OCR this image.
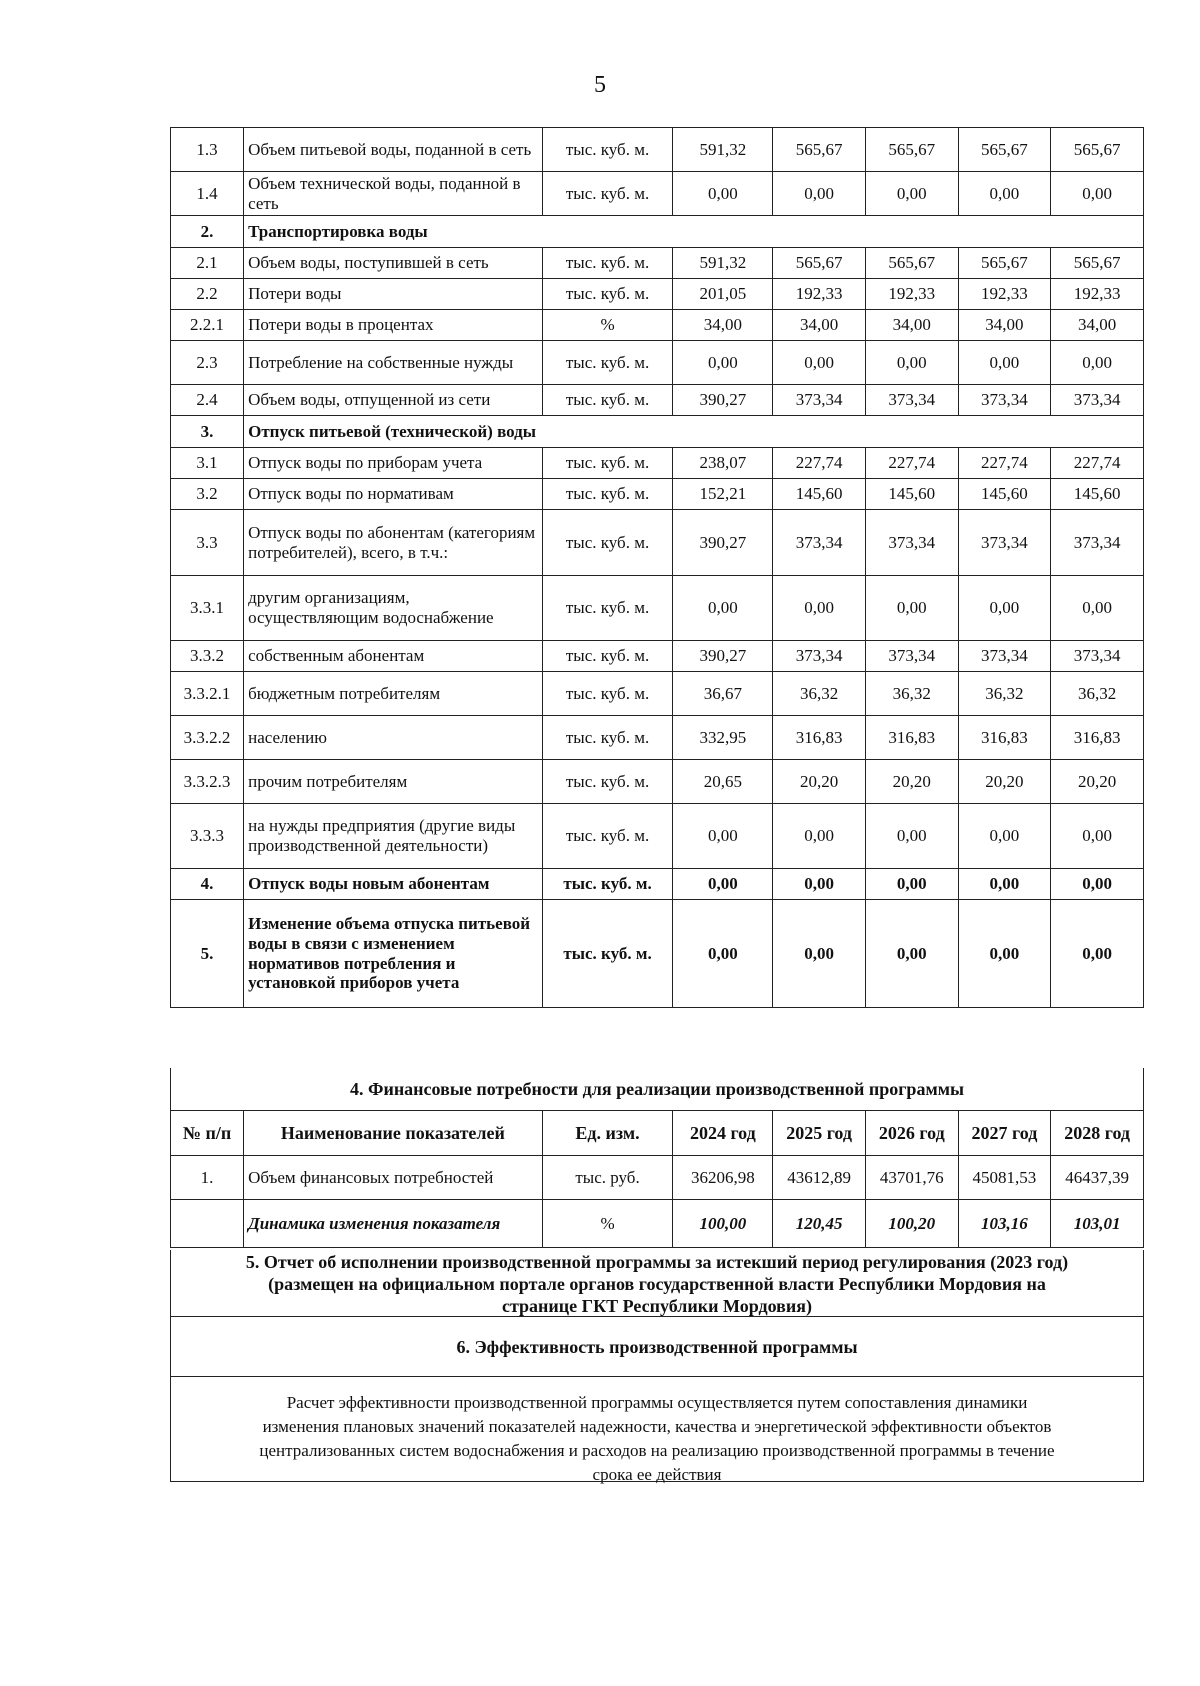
5
1.3	Объем питьевой воды, поданной в сеть	тыс. куб. м.	591,32	565,67	565,67	565,67	565,67
1.4	Объем технической воды, поданной в сеть	тыс. куб. м.	0,00	0,00	0,00	0,00	0,00
2.	Транспортировка воды						
2.1	Объем воды, поступившей в сеть	тыс. куб. м.	591,32	565,67	565,67	565,67	565,67
2.2	Потери воды	тыс. куб. м.	201,05	192,33	192,33	192,33	192,33
2.2.1	Потери воды в процентах	%	34,00	34,00	34,00	34,00	34,00
2.3	Потребление на собственные нужды	тыс. куб. м.	0,00	0,00	0,00	0,00	0,00
2.4	Объем воды, отпущенной из сети	тыс. куб. м.	390,27	373,34	373,34	373,34	373,34
3.	Отпуск питьевой (технической) воды						
3.1	Отпуск воды по приборам учета	тыс. куб. м.	238,07	227,74	227,74	227,74	227,74
3.2	Отпуск воды по нормативам	тыс. куб. м.	152,21	145,60	145,60	145,60	145,60
3.3	Отпуск воды по абонентам (категориям потребителей), всего, в т.ч.:	тыс. куб. м.	390,27	373,34	373,34	373,34	373,34
3.3.1	другим организациям, осуществляющим водоснабжение	тыс. куб. м.	0,00	0,00	0,00	0,00	0,00
3.3.2	собственным абонентам	тыс. куб. м.	390,27	373,34	373,34	373,34	373,34
3.3.2.1	бюджетным потребителям	тыс. куб. м.	36,67	36,32	36,32	36,32	36,32
3.3.2.2	населению	тыс. куб. м.	332,95	316,83	316,83	316,83	316,83
3.3.2.3	прочим потребителям	тыс. куб. м.	20,65	20,20	20,20	20,20	20,20
3.3.3	на нужды предприятия (другие виды производственной деятельности)	тыс. куб. м.	0,00	0,00	0,00	0,00	0,00
4.	Отпуск воды новым абонентам	тыс. куб. м.	0,00	0,00	0,00	0,00	0,00
5.	Изменение объема отпуска питьевой воды в связи с изменением нормативов потребления и установкой приборов учета	тыс. куб. м.	0,00	0,00	0,00	0,00	0,00
4. Финансовые потребности для реализации производственной программы
№ п/п	Наименование показателей	Ед. изм.	2024 год	2025 год	2026 год	2027 год	2028 год
1.	Объем финансовых потребностей	тыс. руб.	36206,98	43612,89	43701,76	45081,53	46437,39
	Динамика изменения показателя	%	100,00	120,45	100,20	103,16	103,01
5. Отчет об исполнении производственной программы за истекший период регулирования (2023 год)
(размещен на официальном портале органов государственной власти Республики Мордовия на
странице ГКТ Республики Мордовия)
6. Эффективность производственной программы
Расчет эффективности производственной программы осуществляется путем сопоставления динамики
изменения плановых значений показателей надежности, качества и энергетической эффективности объектов
централизованных систем водоснабжения и расходов на реализацию производственной программы в течение
срока ее действия
